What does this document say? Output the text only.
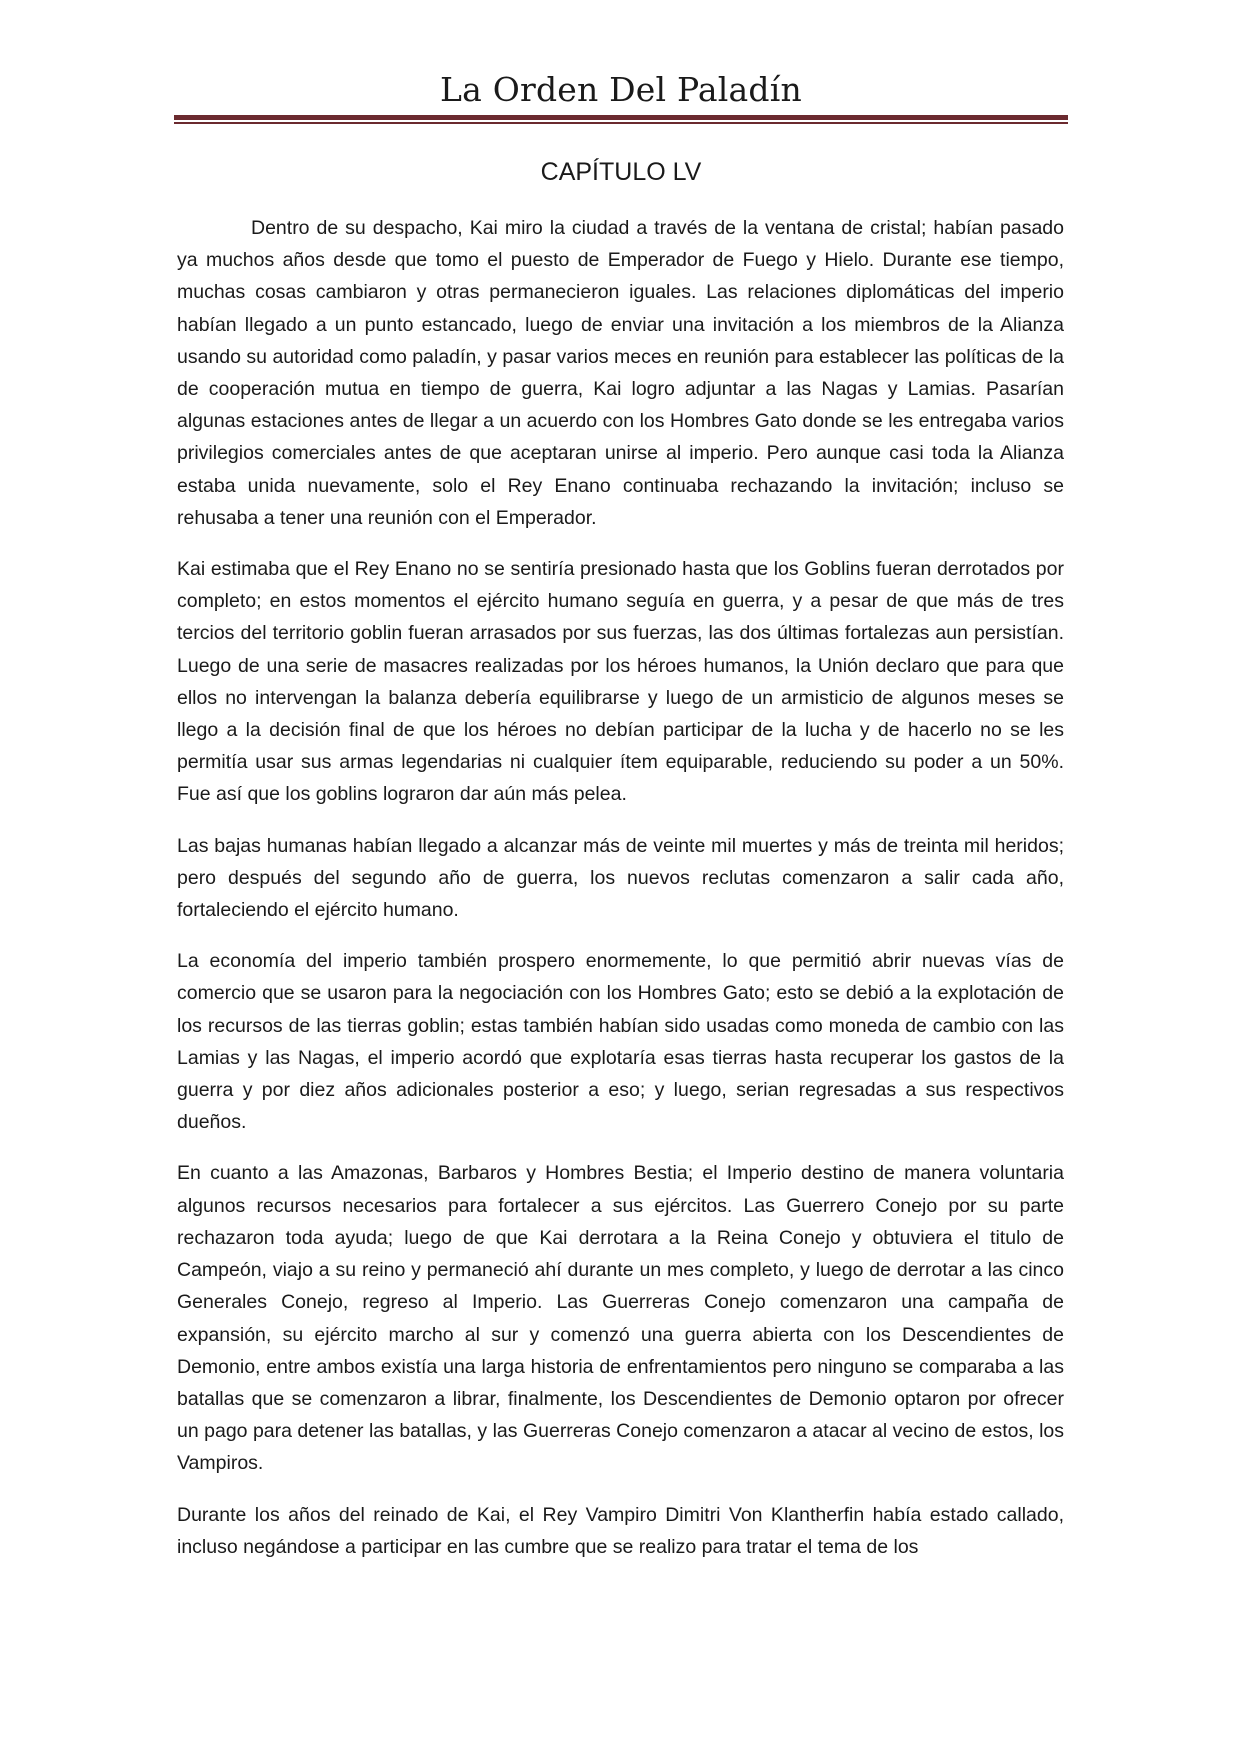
La Orden Del Paladín
CAPÍTULO LV

Dentro de su despacho, Kai miro la ciudad a través de la ventana de cristal; habían pasado ya muchos años desde que tomo el puesto de Emperador de Fuego y Hielo. Durante ese tiempo, muchas cosas cambiaron y otras permanecieron iguales. Las relaciones diplomáticas del imperio habían llegado a un punto estancado, luego de enviar una invitación a los miembros de la Alianza usando su autoridad como paladín, y pasar varios meces en reunión para establecer las políticas de la de cooperación mutua en tiempo de guerra, Kai logro adjuntar a las Nagas y Lamias. Pasarían algunas estaciones antes de llegar a un acuerdo con los Hombres Gato donde se les entregaba varios privilegios comerciales antes de que aceptaran unirse al imperio. Pero aunque casi toda la Alianza estaba unida nuevamente, solo el Rey Enano continuaba rechazando la invitación; incluso se rehusaba a tener una reunión con el Emperador.

Kai estimaba que el Rey Enano no se sentiría presionado hasta que los Goblins fueran derrotados por completo; en estos momentos el ejército humano seguía en guerra, y a pesar de que más de tres tercios del territorio goblin fueran arrasados por sus fuerzas, las dos últimas fortalezas aun persistían. Luego de una serie de masacres realizadas por los héroes humanos, la Unión declaro que para que ellos no intervengan la balanza debería equilibrarse y luego de un armisticio de algunos meses se llego a la decisión final de que los héroes no debían participar de la lucha y de hacerlo no se les permitía usar sus armas legendarias ni cualquier ítem equiparable, reduciendo su poder a un 50%. Fue así que los goblins lograron dar aún más pelea.

Las bajas humanas habían llegado a alcanzar más de veinte mil muertes y más de treinta mil heridos; pero después del segundo año de guerra, los nuevos reclutas comenzaron a salir cada año, fortaleciendo el ejército humano.

La economía del imperio también prospero enormemente, lo que permitió abrir nuevas vías de comercio que se usaron para la negociación con los Hombres Gato; esto se debió a la explotación de los recursos de las tierras goblin; estas también habían sido usadas como moneda de cambio con las Lamias y las Nagas, el imperio acordó que explotaría esas tierras hasta recuperar los gastos de la guerra y por diez años adicionales posterior a eso; y luego, serian regresadas a sus respectivos dueños.

En cuanto a las Amazonas, Barbaros y Hombres Bestia; el Imperio destino de manera voluntaria algunos recursos necesarios para fortalecer a sus ejércitos. Las Guerrero Conejo por su parte rechazaron toda ayuda; luego de que Kai derrotara a la Reina Conejo y obtuviera el titulo de Campeón, viajo a su reino y permaneció ahí durante un mes completo, y luego de derrotar a las cinco Generales Conejo, regreso al Imperio. Las Guerreras Conejo comenzaron una campaña de expansión, su ejército marcho al sur y comenzó una guerra abierta con los Descendientes de Demonio, entre ambos existía una larga historia de enfrentamientos pero ninguno se comparaba a las batallas que se comenzaron a librar, finalmente, los Descendientes de Demonio optaron por ofrecer un pago para detener las batallas, y las Guerreras Conejo comenzaron a atacar al vecino de estos, los Vampiros.

Durante los años del reinado de Kai, el Rey Vampiro Dimitri Von Klantherfin había estado callado, incluso negándose a participar en las cumbre que se realizo para tratar el tema de los
